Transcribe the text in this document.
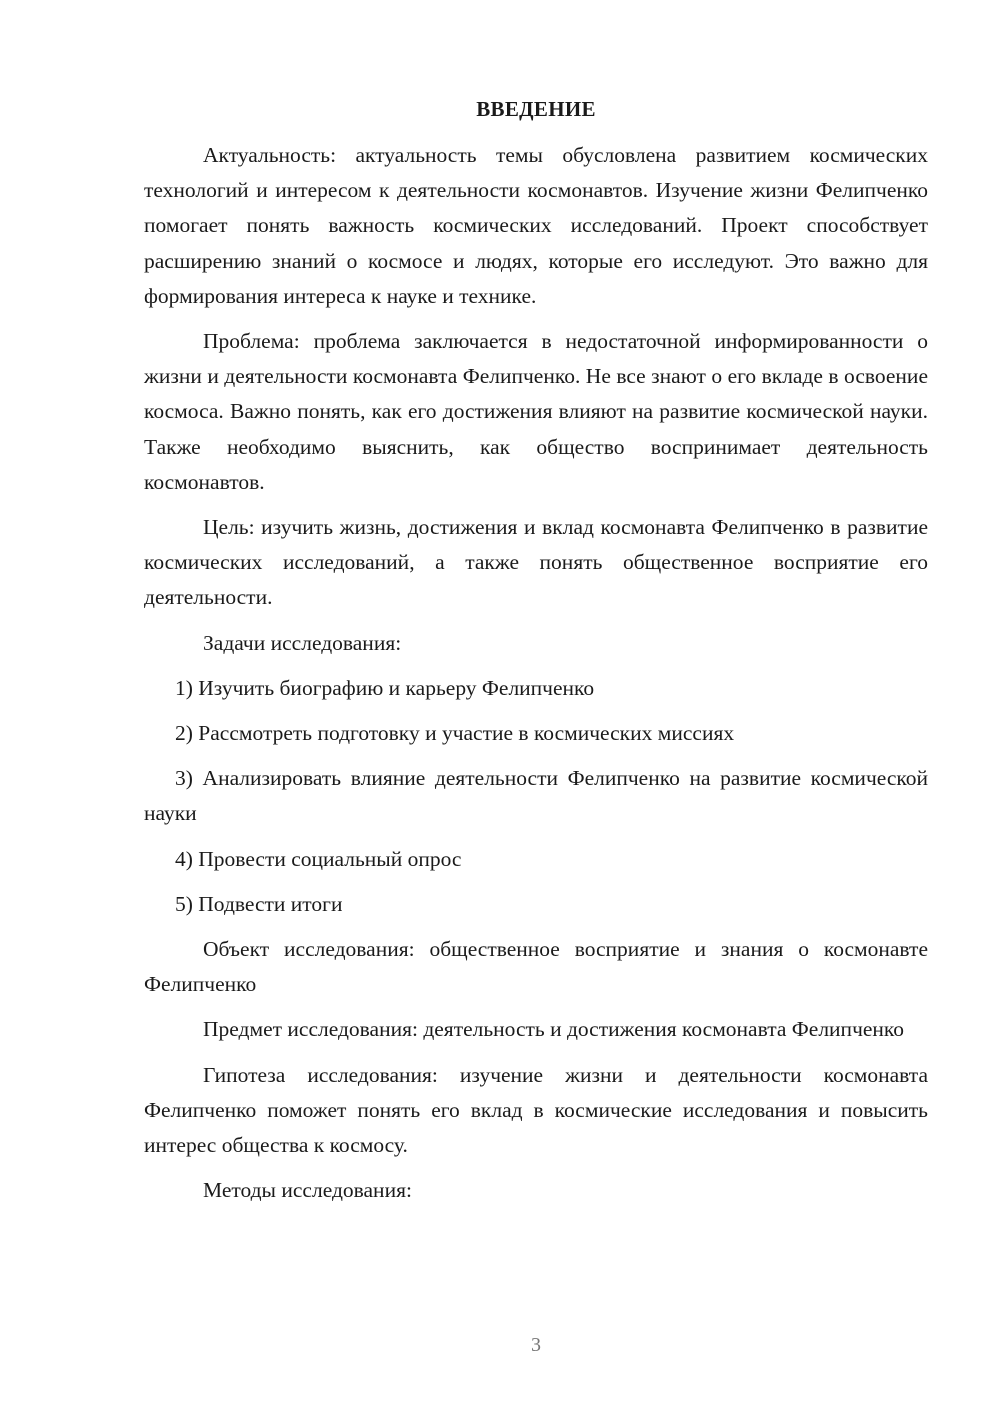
ВВЕДЕНИЕ

Актуальность: актуальность темы обусловлена развитием космических технологий и интересом к деятельности космонавтов. Изучение жизни Фелипченко помогает понять важность космических исследований. Проект способствует расширению знаний о космосе и людях, которые его исследуют. Это важно для формирования интереса к науке и технике.

Проблема: проблема заключается в недостаточной информированности о жизни и деятельности космонавта Фелипченко. Не все знают о его вкладе в освоение космоса. Важно понять, как его достижения влияют на развитие космической науки. Также необходимо выяснить, как общество воспринимает деятельность космонавтов.

Цель: изучить жизнь, достижения и вклад космонавта Фелипченко в развитие космических исследований, а также понять общественное восприятие его деятельности.

Задачи исследования:

1) Изучить биографию и карьеру Фелипченко

2) Рассмотреть подготовку и участие в космических миссиях

3) Анализировать влияние деятельности Фелипченко на развитие космической науки

4) Провести социальный опрос

5) Подвести итоги

Объект исследования: общественное восприятие и знания о космонавте Фелипченко

Предмет исследования: деятельность и достижения космонавта Фелипченко

Гипотеза исследования: изучение жизни и деятельности космонавта Фелипченко поможет понять его вклад в космические исследования и повысить интерес общества к космосу.

Методы исследования:

3
